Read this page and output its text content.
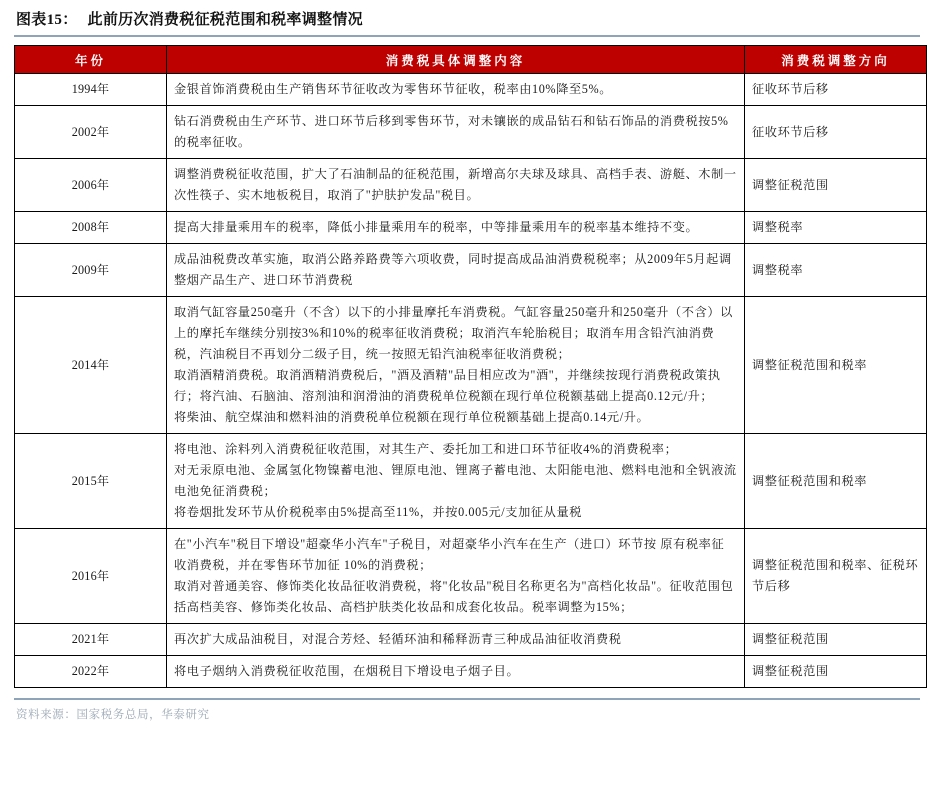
图表15： 此前历次消费税征税范围和税率调整情况
年份	消费税具体调整内容	消费税调整方向
1994年	金银首饰消费税由生产销售环节征收改为零售环节征收，税率由10%降至5%。	征收环节后移
2002年	钻石消费税由生产环节、进口环节后移到零售环节，对未镶嵌的成品钻石和钻石饰品的消费税按5%的税率征收。	征收环节后移
2006年	调整消费税征收范围，扩大了石油制品的征税范围，新增高尔夫球及球具、高档手表、游艇、木制一次性筷子、实木地板税目，取消了"护肤护发品"税目。	调整征税范围
2008年	提高大排量乘用车的税率，降低小排量乘用车的税率，中等排量乘用车的税率基本维持不变。	调整税率
2009年	成品油税费改革实施，取消公路养路费等六项收费，同时提高成品油消费税税率；从2009年5月起调整烟产品生产、进口环节消费税	调整税率
2014年	取消气缸容量250毫升（不含）以下的小排量摩托车消费税。气缸容量250毫升和250毫升（不含）以上的摩托车继续分别按3%和10%的税率征收消费税；取消汽车轮胎税目；取消车用含铅汽油消费税，汽油税目不再划分二级子目，统一按照无铅汽油税率征收消费税；
取消酒精消费税。取消酒精消费税后，"酒及酒精"品目相应改为"酒"，并继续按现行消费税政策执行；将汽油、石脑油、溶剂油和润滑油的消费税单位税额在现行单位税额基础上提高0.12元/升；
将柴油、航空煤油和燃料油的消费税单位税额在现行单位税额基础上提高0.14元/升。	调整征税范围和税率
2015年	将电池、涂料列入消费税征收范围，对其生产、委托加工和进口环节征收4%的消费税率；
对无汞原电池、金属氢化物镍蓄电池、锂原电池、锂离子蓄电池、太阳能电池、燃料电池和全钒液流电池免征消费税；
将卷烟批发环节从价税税率由5%提高至11%，并按0.005元/支加征从量税	调整征税范围和税率
2016年	在"小汽车"税目下增设"超豪华小汽车"子税目，对超豪华小汽车在生产（进口）环节按 原有税率征收消费税，并在零售环节加征 10%的消费税；
取消对普通美容、修饰类化妆品征收消费税，将"化妆品"税目名称更名为"高档化妆品"。征收范围包括高档美容、修饰类化妆品、高档护肤类化妆品和成套化妆品。税率调整为15%；	调整征税范围和税率、征税环节后移
2021年	再次扩大成品油税目，对混合芳烃、轻循环油和稀释沥青三种成品油征收消费税	调整征税范围
2022年	将电子烟纳入消费税征收范围，在烟税目下增设电子烟子目。	调整征税范围
资料来源：国家税务总局，华泰研究
